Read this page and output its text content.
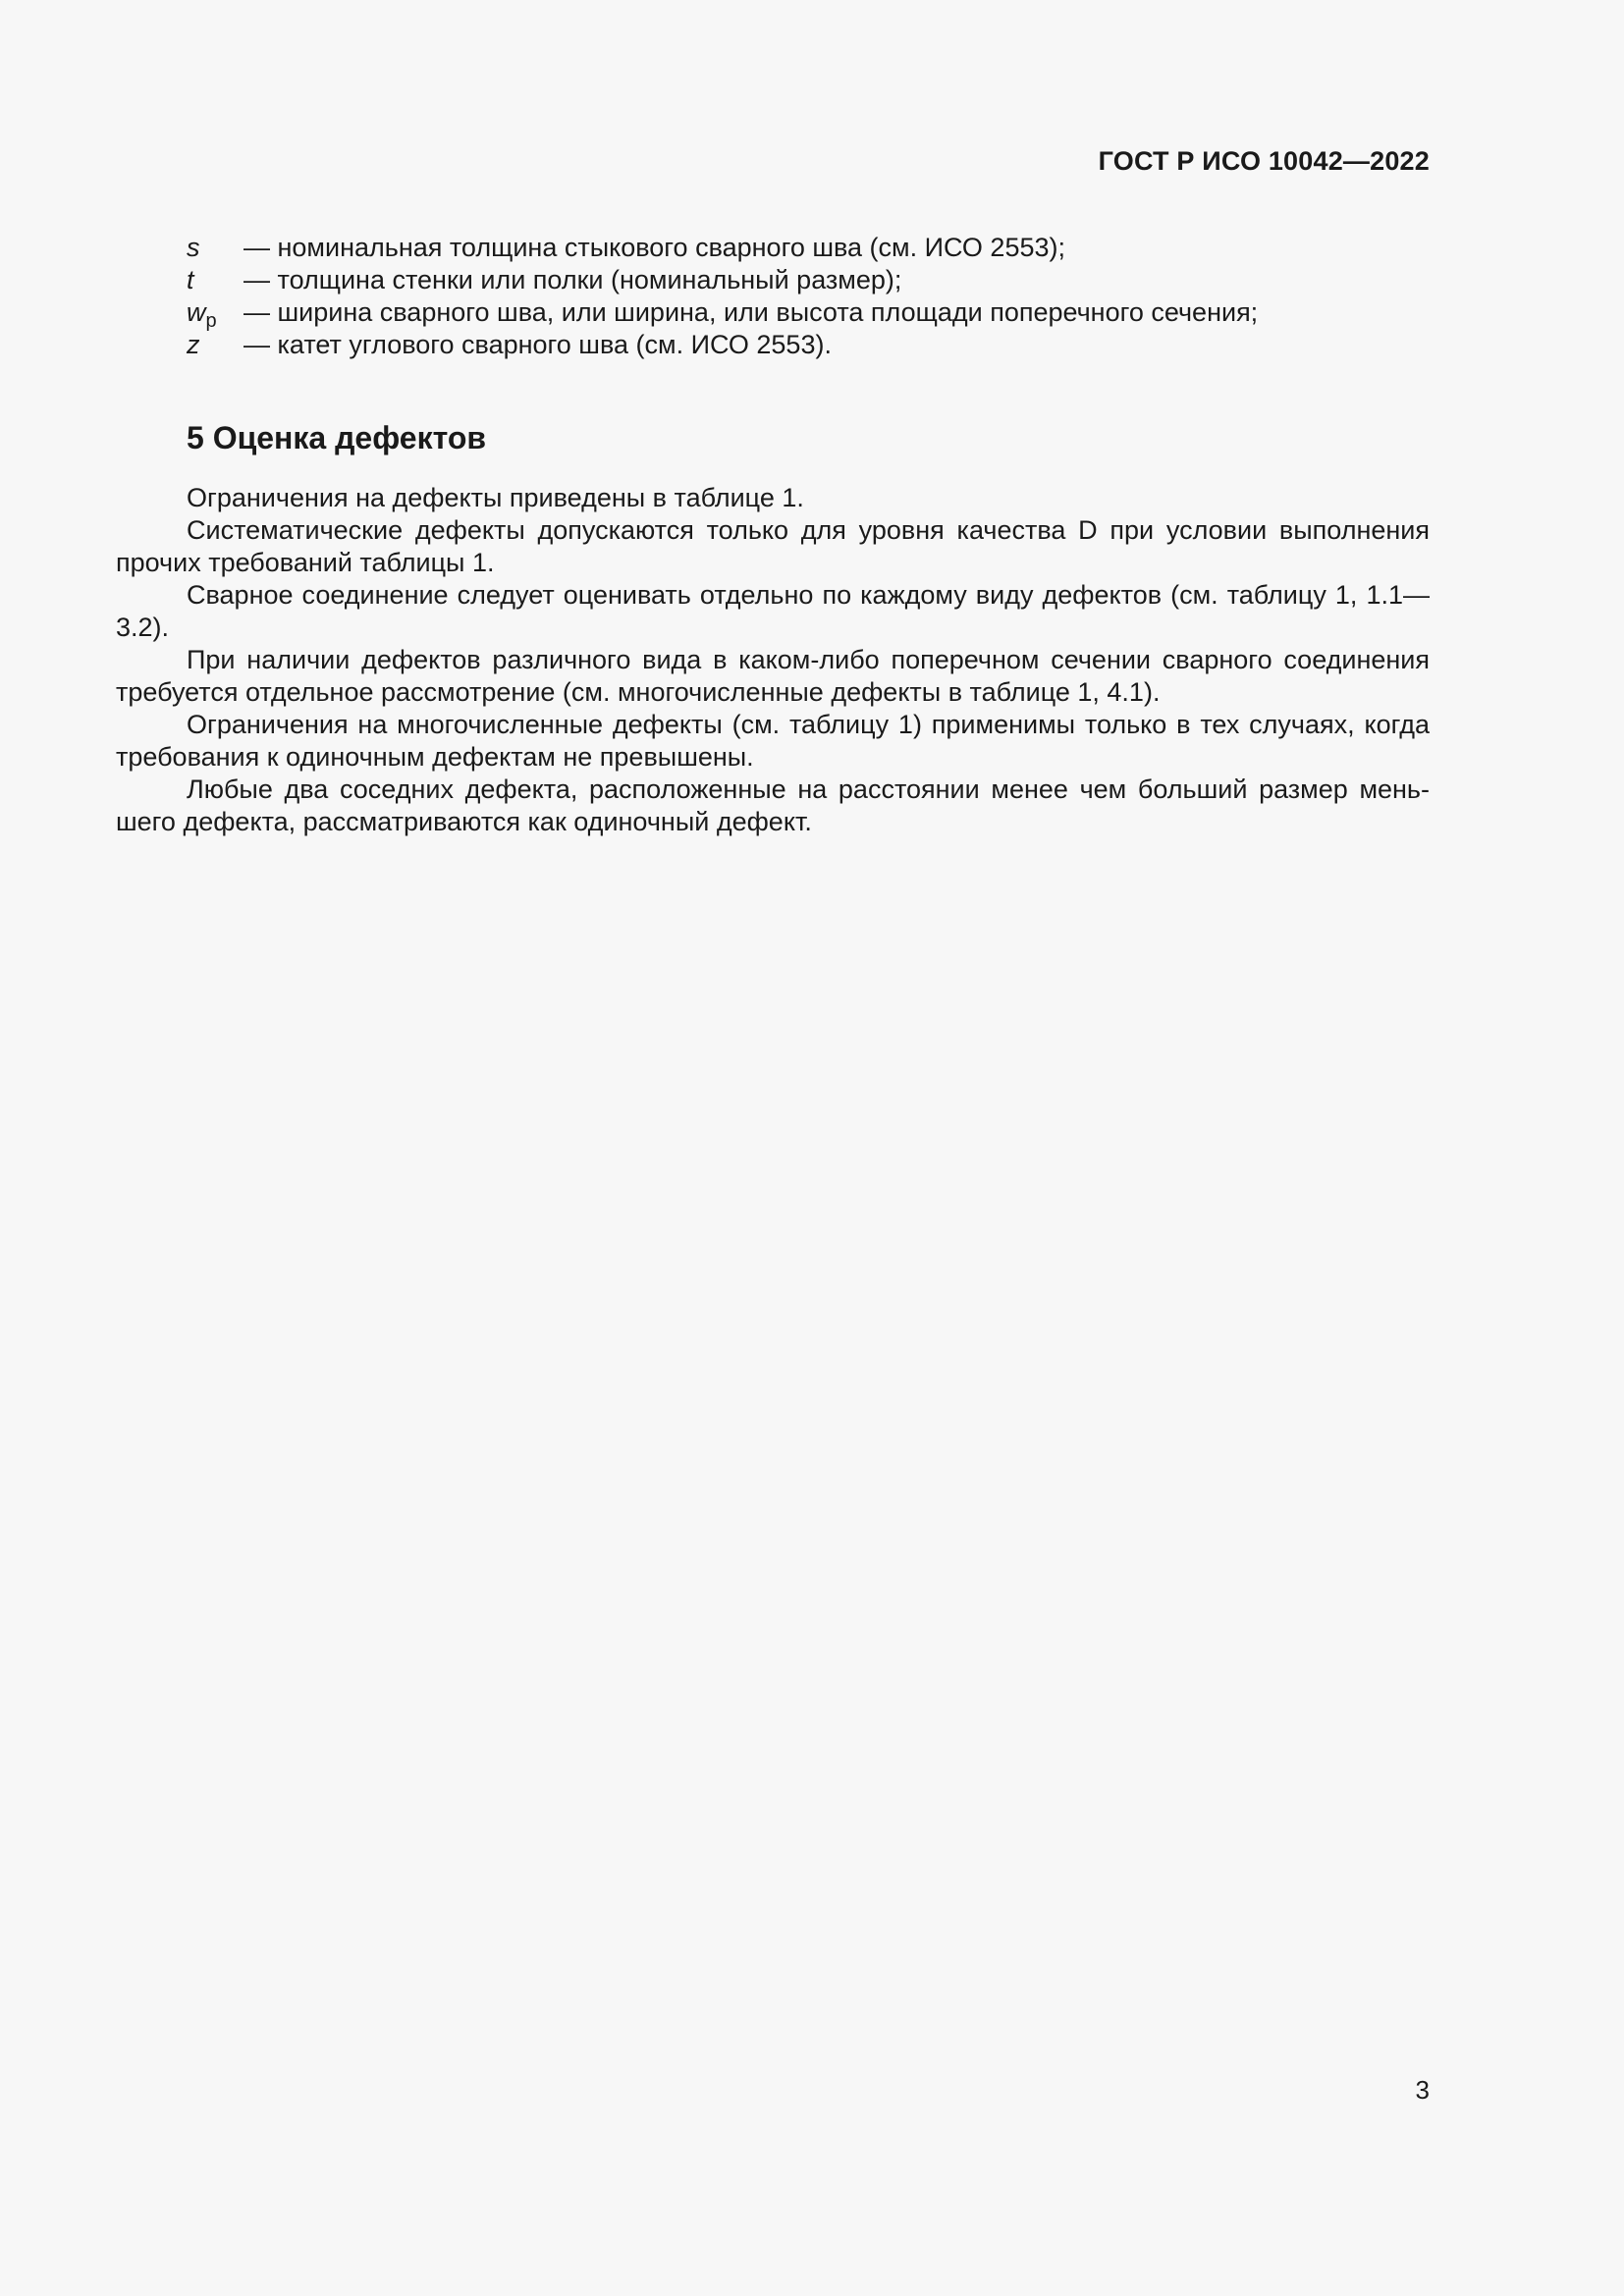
ГОСТ Р ИСО 10042—2022
s	— номинальная толщина стыкового сварного шва (см. ИСО 2553);
t	— толщина стенки или полки (номинальный размер);
$w_p$	— ширина сварного шва, или ширина, или высота площади поперечного сечения;
z	— катет углового сварного шва (см. ИСО 2553).
5 Оценка дефектов

Ограничения на дефекты приведены в таблице 1.

Систематические дефекты допускаются только для уровня качества D при условии выполнения прочих требований таблицы 1.

Сварное соединение следует оценивать отдельно по каждому виду дефектов (см. таблицу 1, 1.1—3.2).

При наличии дефектов различного вида в каком-либо поперечном сечении сварного соединения требуется отдельное рассмотрение (см. многочисленные дефекты в таблице 1, 4.1).

Ограничения на многочисленные дефекты (см. таблицу 1) применимы только в тех случаях, когда требования к одиночным дефектам не превышены.

Любые два соседних дефекта, расположенные на расстоянии менее чем больший размер меньшего дефекта, рассматриваются как одиночный дефект.

3
